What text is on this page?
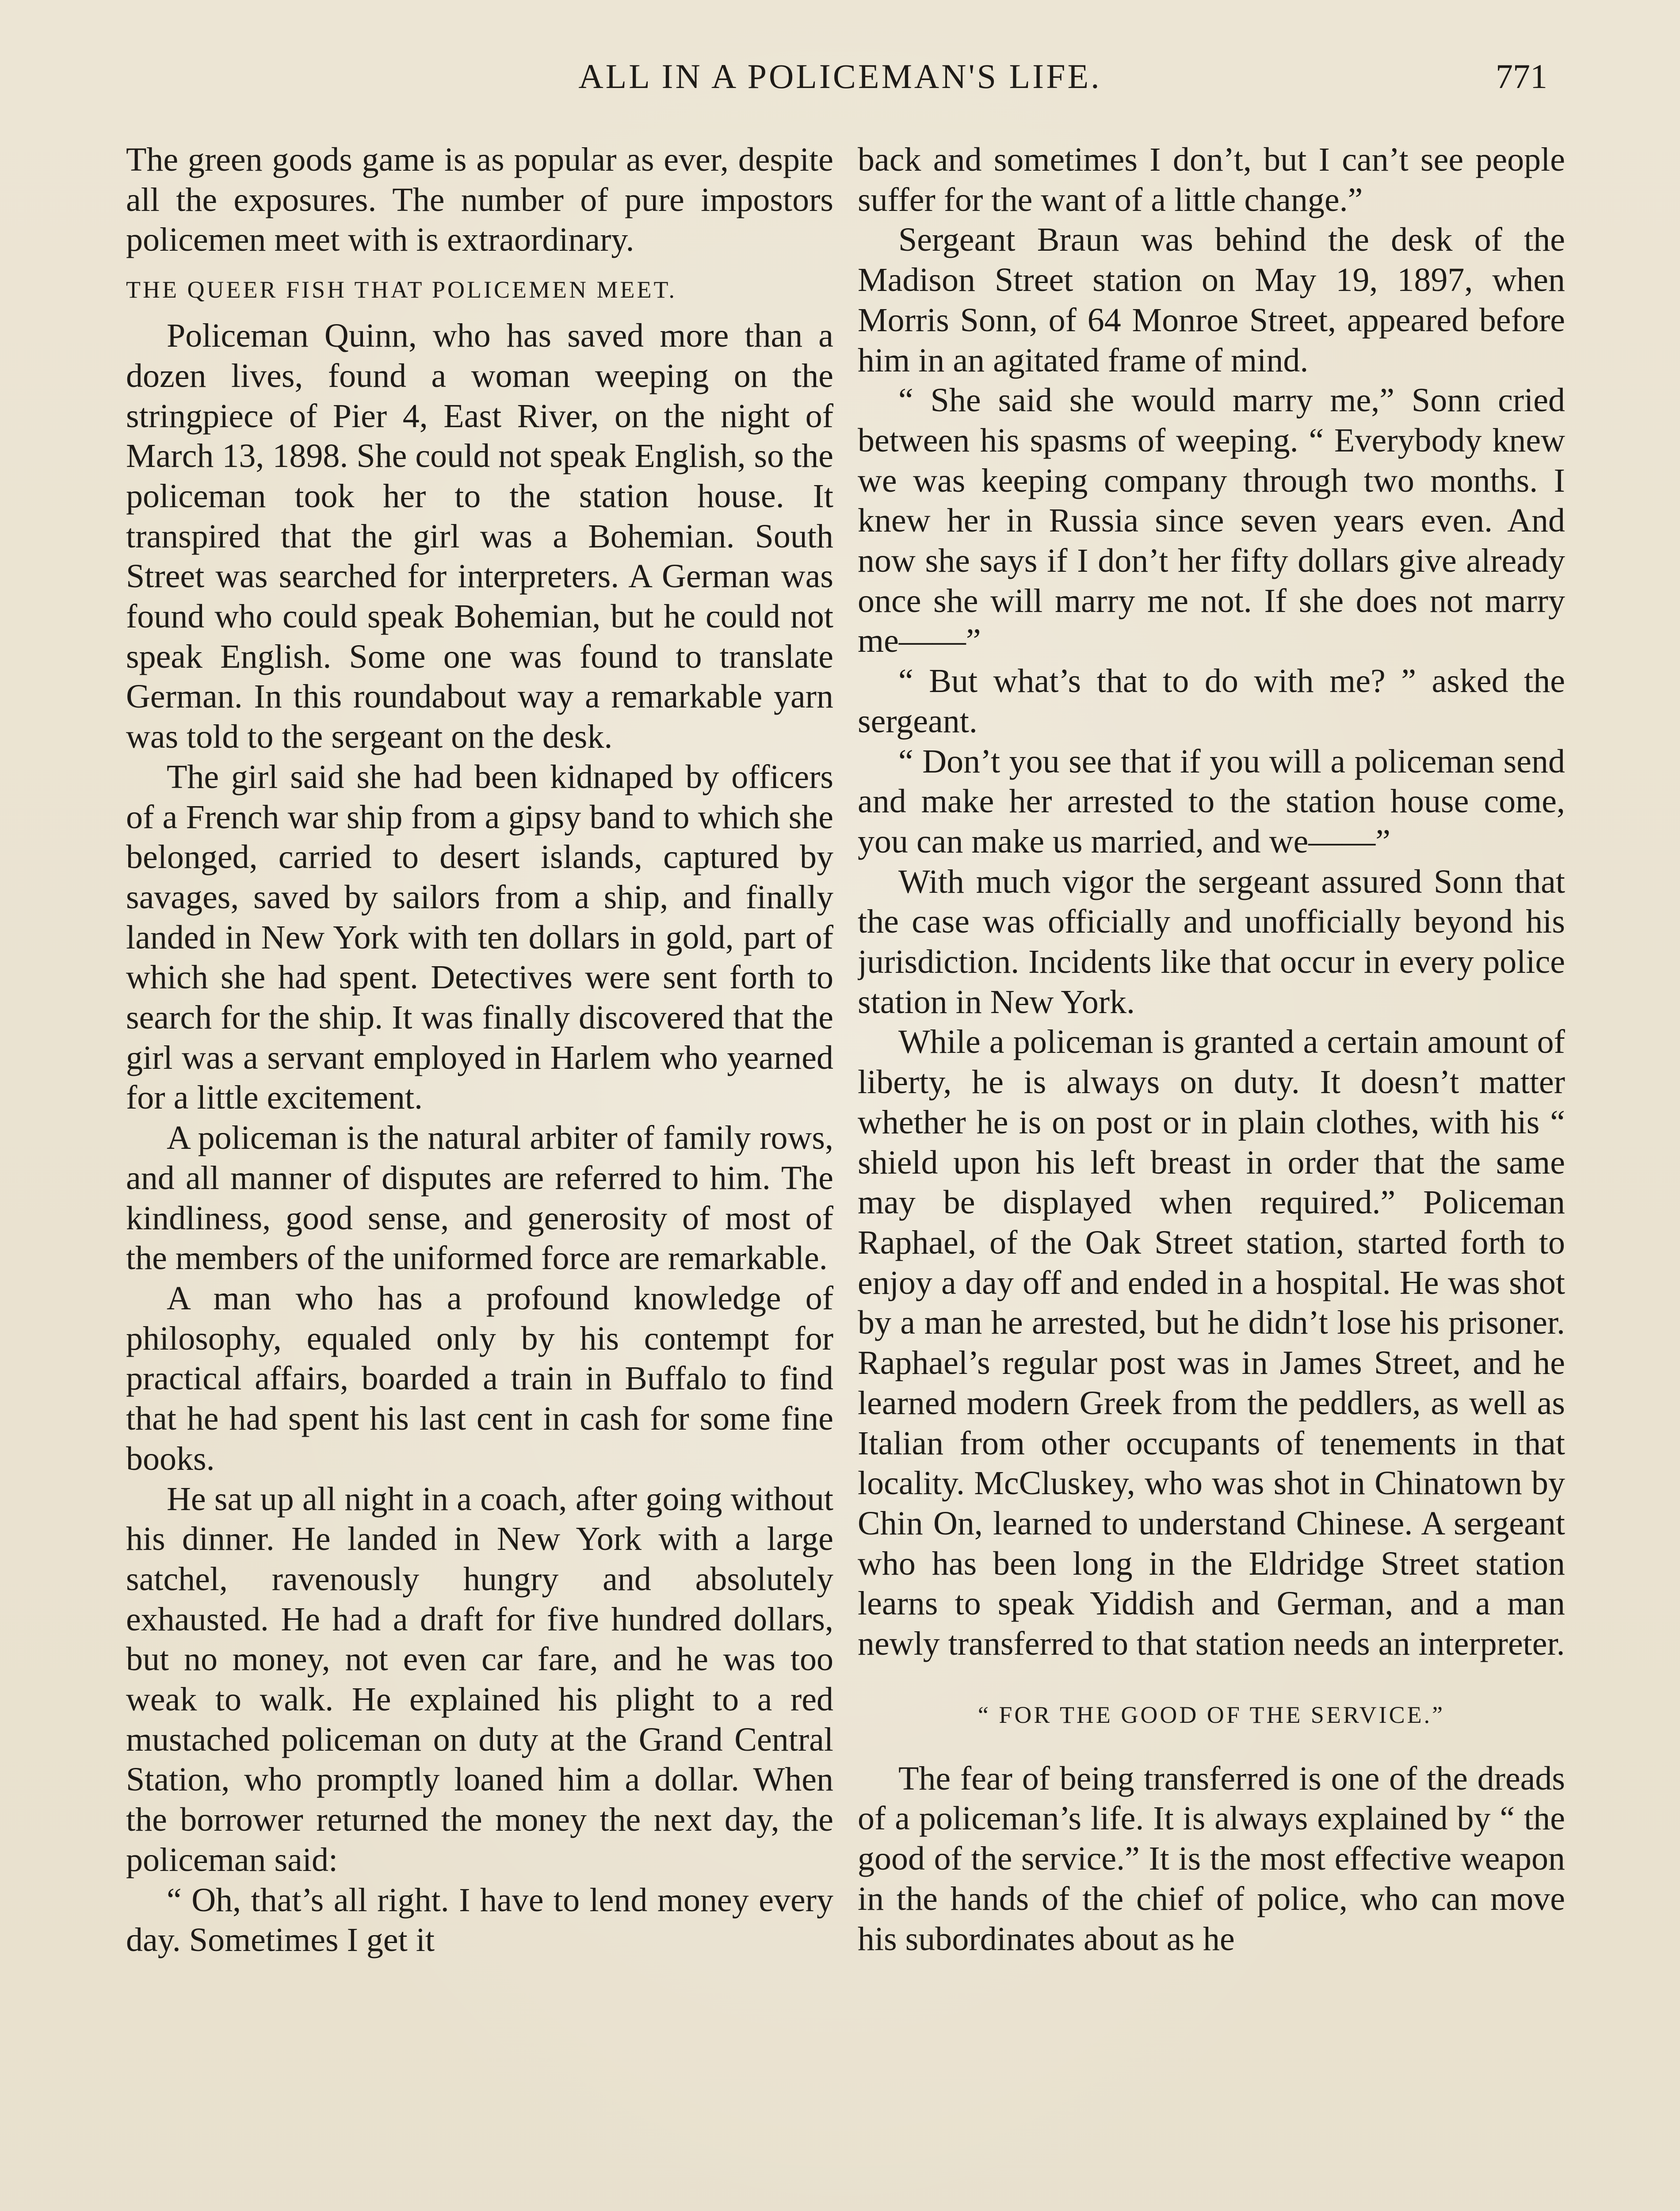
ALL IN A POLICEMAN'S LIFE.	771

The green goods game is as popular as ever, despite all the exposures. The number of pure impostors policemen meet with is extraordinary.

THE QUEER FISH THAT POLICEMEN MEET.

Policeman Quinn, who has saved more than a dozen lives, found a woman weeping on the stringpiece of Pier 4, East River, on the night of March 13, 1898. She could not speak English, so the policeman took her to the station house. It transpired that the girl was a Bohemian. South Street was searched for interpreters. A German was found who could speak Bohemian, but he could not speak English. Some one was found to translate German. In this roundabout way a remarkable yarn was told to the sergeant on the desk.

The girl said she had been kidnaped by officers of a French war ship from a gipsy band to which she belonged, carried to desert islands, captured by savages, saved by sailors from a ship, and finally landed in New York with ten dollars in gold, part of which she had spent. Detectives were sent forth to search for the ship. It was finally discovered that the girl was a servant employed in Harlem who yearned for a little excitement.

A policeman is the natural arbiter of family rows, and all manner of disputes are referred to him. The kindliness, good sense, and generosity of most of the members of the uniformed force are remarkable.

A man who has a profound knowledge of philosophy, equaled only by his contempt for practical affairs, boarded a train in Buffalo to find that he had spent his last cent in cash for some fine books.

He sat up all night in a coach, after going without his dinner. He landed in New York with a large satchel, ravenously hungry and absolutely exhausted. He had a draft for five hundred dollars, but no money, not even car fare, and he was too weak to walk. He explained his plight to a red mustached policeman on duty at the Grand Central Station, who promptly loaned him a dollar. When the borrower returned the money the next day, the policeman said:

“ Oh, that’s all right. I have to lend money every day. Sometimes I get it

back and sometimes I don’t, but I can’t see people suffer for the want of a little change.”

Sergeant Braun was behind the desk of the Madison Street station on May 19, 1897, when Morris Sonn, of 64 Monroe Street, appeared before him in an agitated frame of mind.

“ She said she would marry me,” Sonn cried between his spasms of weeping. “ Everybody knew we was keeping company through two months. I knew her in Russia since seven years even. And now she says if I don’t her fifty dollars give already once she will marry me not. If she does not marry me——”

“ But what’s that to do with me? ” asked the sergeant.

“ Don’t you see that if you will a policeman send and make her arrested to the station house come, you can make us married, and we——”

With much vigor the sergeant assured Sonn that the case was officially and unofficially beyond his jurisdiction. Incidents like that occur in every police station in New York.

While a policeman is granted a certain amount of liberty, he is always on duty. It doesn’t matter whether he is on post or in plain clothes, with his “ shield upon his left breast in order that the same may be displayed when required.” Policeman Raphael, of the Oak Street station, started forth to enjoy a day off and ended in a hospital. He was shot by a man he arrested, but he didn’t lose his prisoner. Raphael’s regular post was in James Street, and he learned modern Greek from the peddlers, as well as Italian from other occupants of tenements in that locality. McCluskey, who was shot in Chinatown by Chin On, learned to understand Chinese. A sergeant who has been long in the Eldridge Street station learns to speak Yiddish and German, and a man newly transferred to that station needs an interpreter.

“ FOR THE GOOD OF THE SERVICE.”

The fear of being transferred is one of the dreads of a policeman’s life. It is always explained by “ the good of the service.” It is the most effective weapon in the hands of the chief of police, who can move his subordinates about as he
